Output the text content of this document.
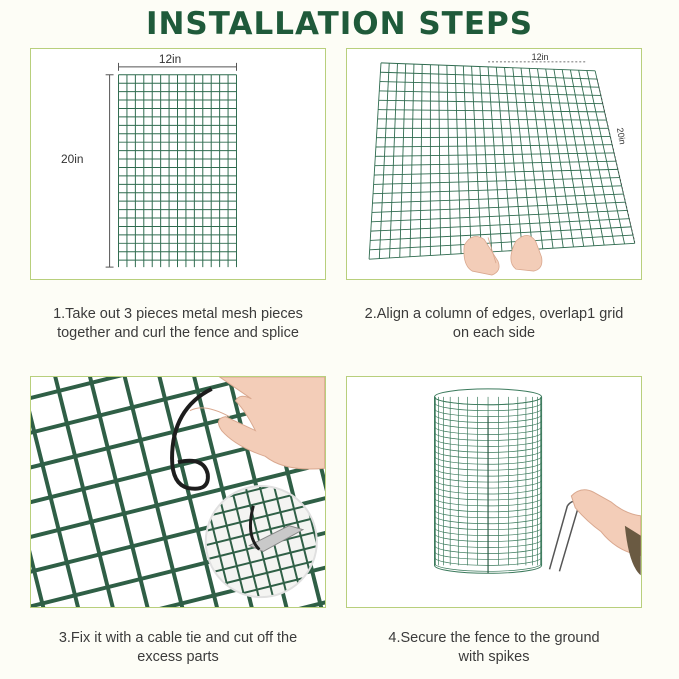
INSTALLATION STEPS
12in
20in
12in
20in
1.Take out 3 pieces metal mesh pieces
together and curl the fence and splice
2.Align a column of edges, overlap1 grid
on each side
3.Fix it with a cable tie and cut off the
excess parts
4.Secure the fence to the ground
with spikes
